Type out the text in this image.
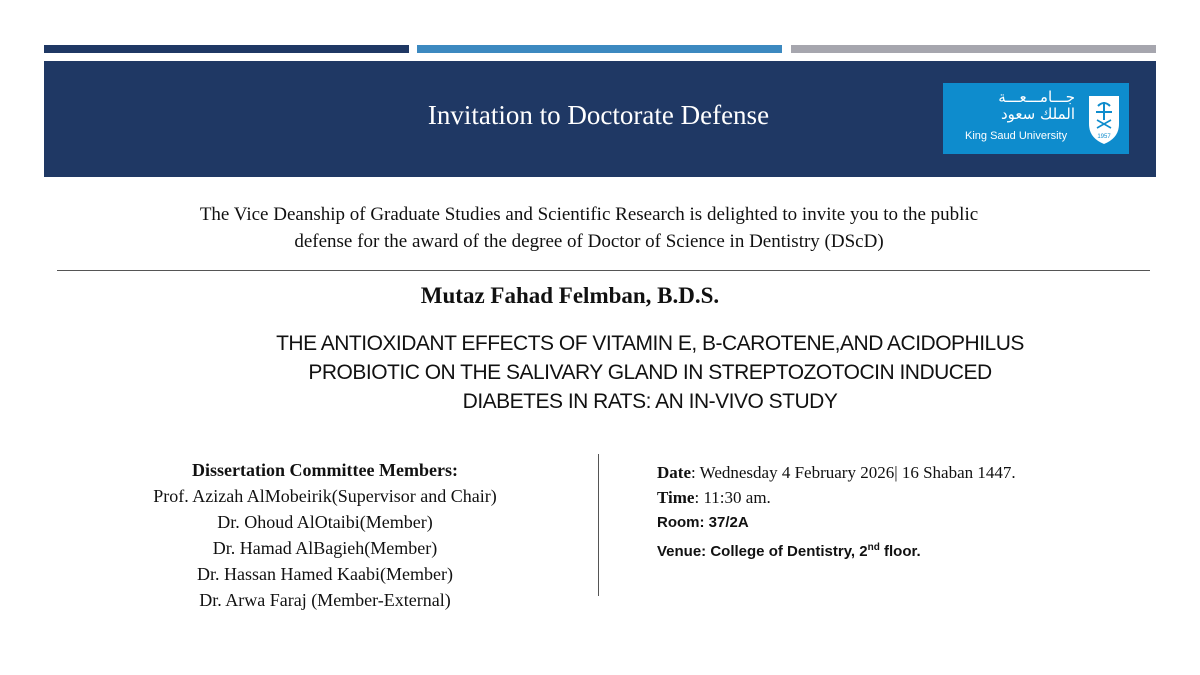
Invitation to Doctorate Defense
جـــامـــعـــة
الملك سعود
King Saud University	1957
The Vice Deanship of Graduate Studies and Scientific Research is delighted to invite you to the public
defense for the award of the degree of Doctor of Science in Dentistry (DScD)
Mutaz Fahad Felmban, B.D.S.
THE ANTIOXIDANT EFFECTS OF VITAMIN E, Β-CAROTENE,AND ACIDOPHILUS
PROBIOTIC ON THE SALIVARY GLAND IN STREPTOZOTOCIN INDUCED
DIABETES IN RATS: AN IN-VIVO STUDY
Dissertation Committee Members:
Prof. Azizah AlMobeirik(Supervisor and Chair)
Dr. Ohoud AlOtaibi(Member)
Dr. Hamad AlBagieh(Member)
Dr. Hassan Hamed Kaabi(Member)
Dr. Arwa Faraj (Member-External)
Date: Wednesday 4 February 2026| 16 Shaban 1447.
Time: 11:30 am.
Room: 37/2A
Venue: College of Dentistry, 2nd floor.
